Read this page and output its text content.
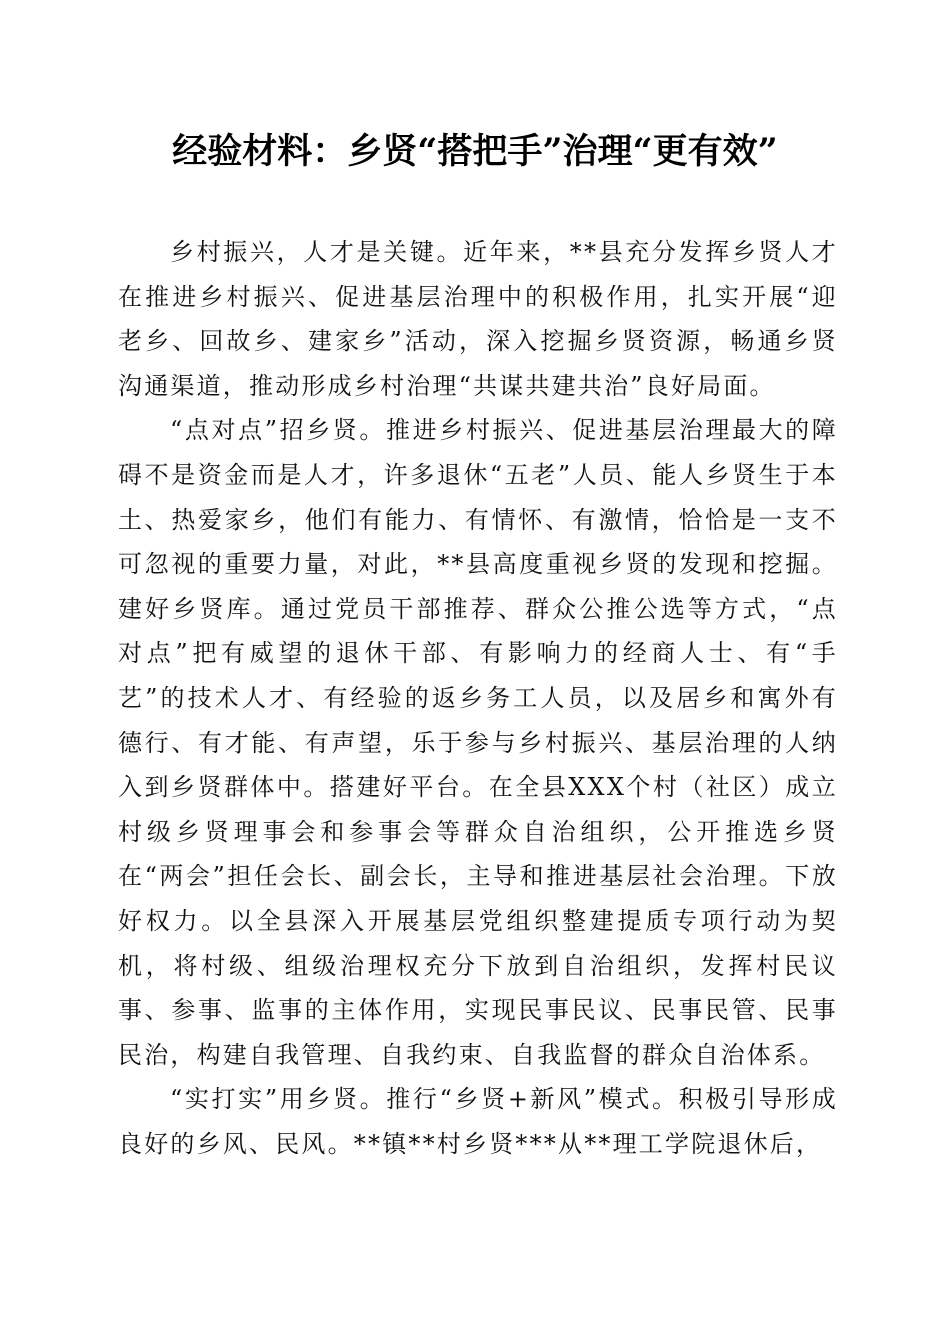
经验材料：乡贤“搭把手”治理“更有效”

乡村振兴，人才是关键。近年来，**县充分发挥乡贤人才在推进乡村振兴、促进基层治理中的积极作用，扎实开展“迎老乡、回故乡、建家乡”活动，深入挖掘乡贤资源，畅通乡贤沟通渠道，推动形成乡村治理“共谋共建共治”良好局面。

“点对点”招乡贤。推进乡村振兴、促进基层治理最大的障碍不是资金而是人才，许多退休“五老”人员、能人乡贤生于本土、热爱家乡，他们有能力、有情怀、有激情，恰恰是一支不可忽视的重要力量，对此，**县高度重视乡贤的发现和挖掘。建好乡贤库。通过党员干部推荐、群众公推公选等方式，“点对点”把有威望的退休干部、有影响力的经商人士、有“手艺”的技术人才、有经验的返乡务工人员，以及居乡和寓外有德行、有才能、有声望，乐于参与乡村振兴、基层治理的人纳入到乡贤群体中。搭建好平台。在全县XXX个村（社区）成立村级乡贤理事会和参事会等群众自治组织，公开推选乡贤在“两会”担任会长、副会长，主导和推进基层社会治理。下放好权力。以全县深入开展基层党组织整建提质专项行动为契机，将村级、组级治理权充分下放到自治组织，发挥村民议事、参事、监事的主体作用，实现民事民议、民事民管、民事民治，构建自我管理、自我约束、自我监督的群众自治体系。

“实打实”用乡贤。推行“乡贤+新风”模式。积极引导形成良好的乡风、民风。**镇**村乡贤***从**理工学院退休后，
